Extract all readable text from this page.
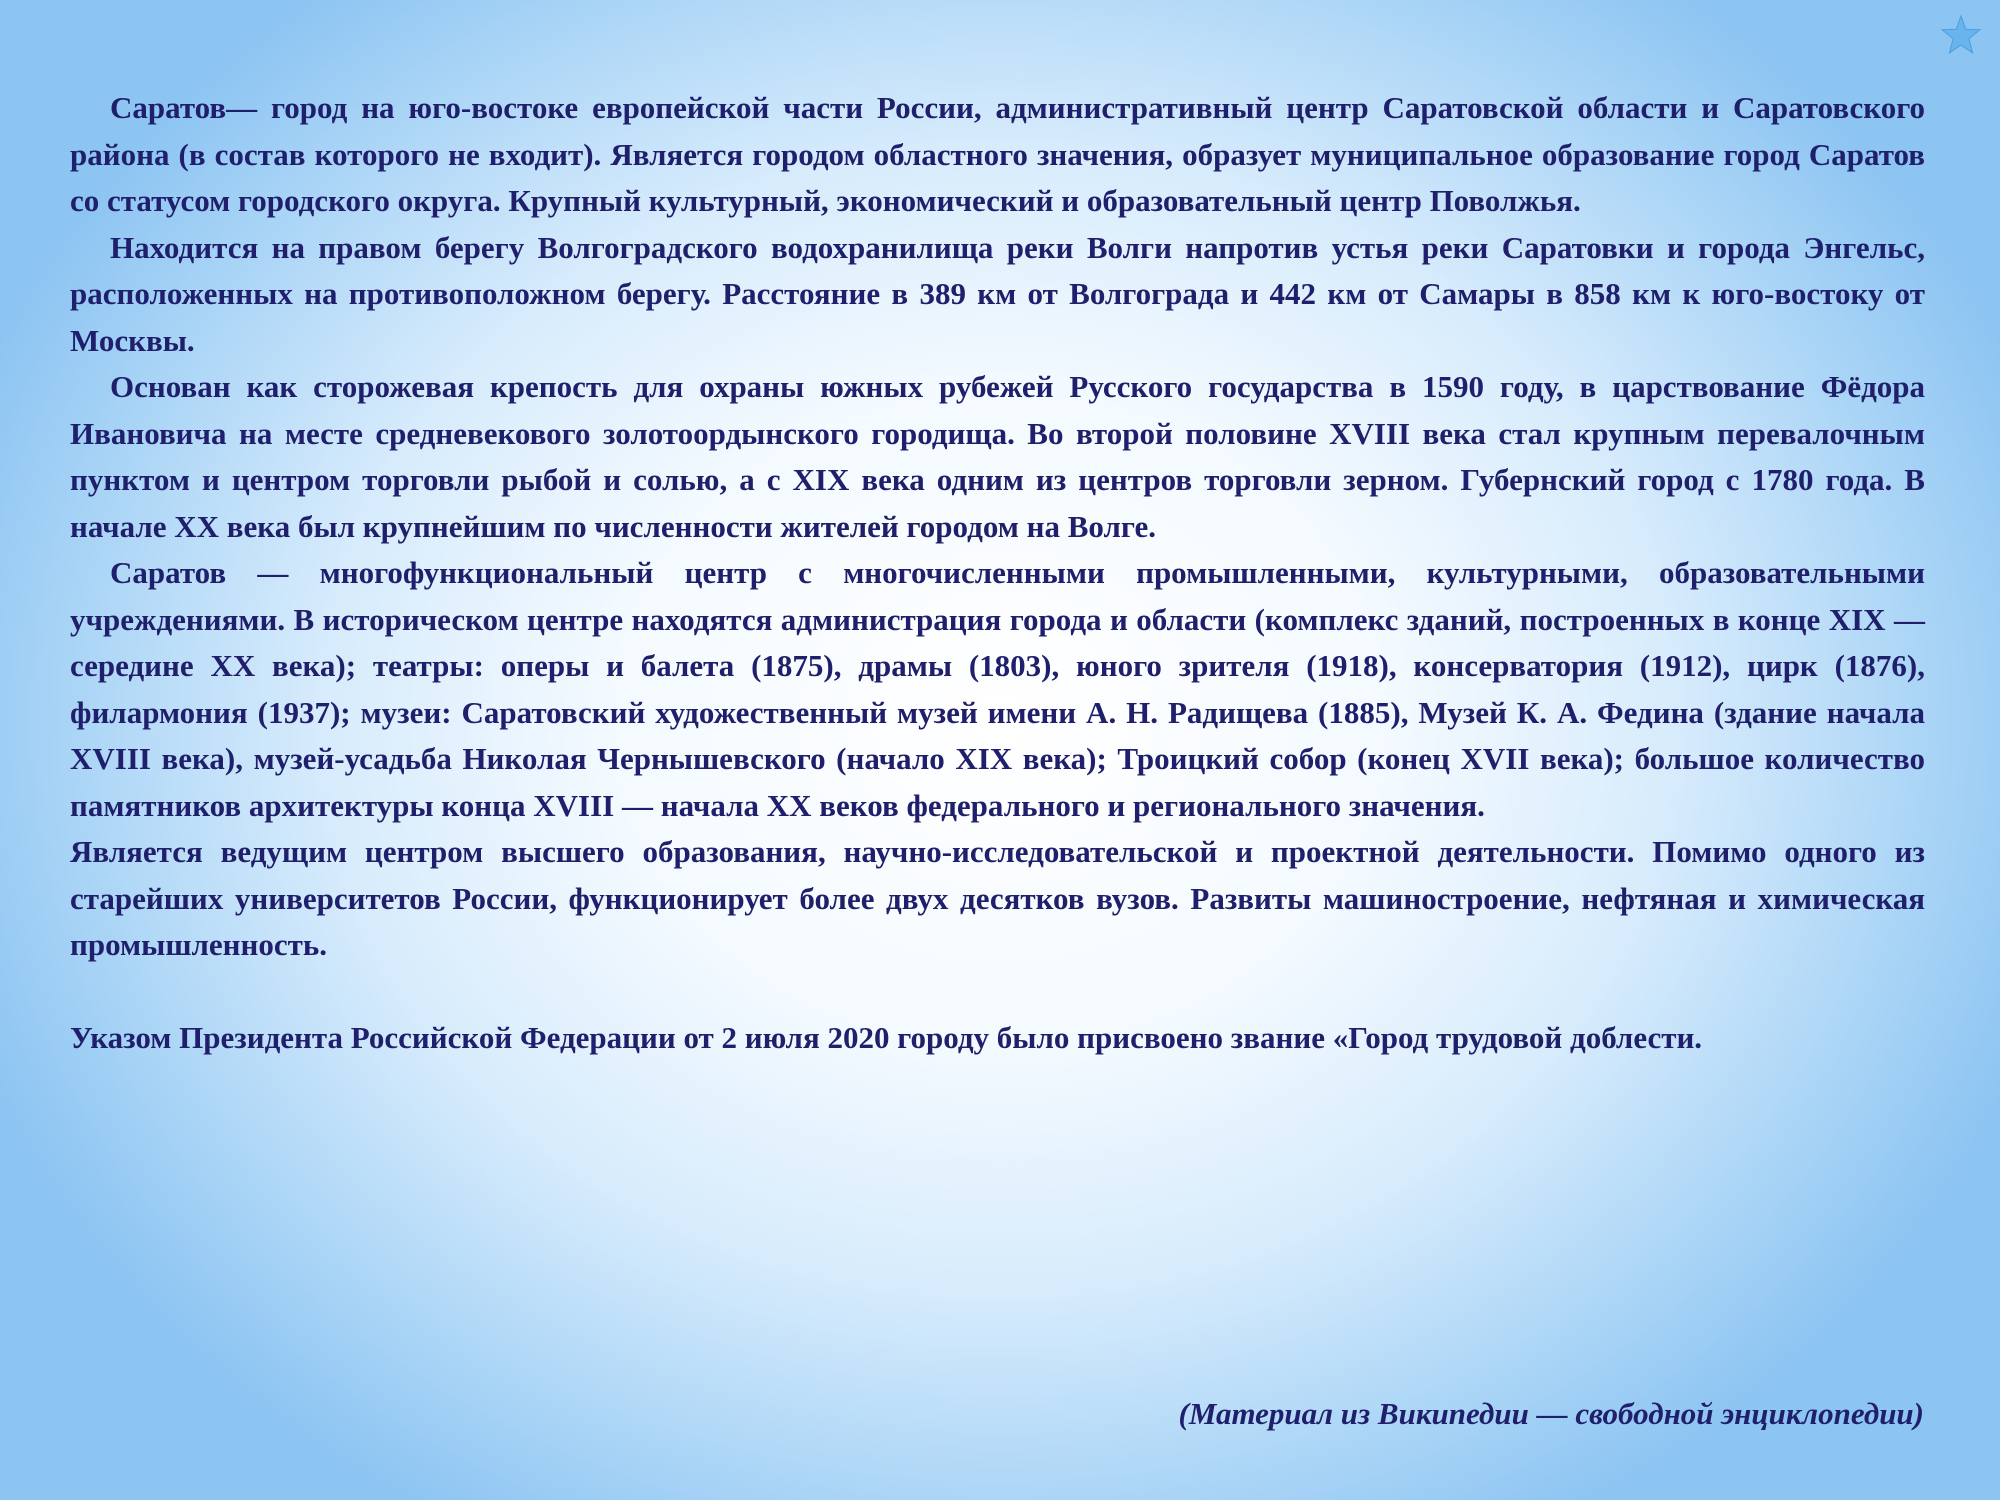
Саратов— город на юго-востоке европейской части России, административный центр Саратовской области и Саратовского района (в состав которого не входит). Является городом областного значения, образует муниципальное образование город Саратов со статусом городского округа. Крупный культурный, экономический и образовательный центр Поволжья.

Находится на правом берегу Волгоградского водохранилища реки Волги напротив устья реки Саратовки и города Энгельс, расположенных на противоположном берегу. Расстояние в 389 км от Волгограда и 442 км от Самары в 858 км к юго-востоку от Москвы.

Основан как сторожевая крепость для охраны южных рубежей Русского государства в 1590 году, в царствование Фёдора Ивановича на месте средневекового золотоордынского городища. Во второй половине XVIII века стал крупным перевалочным пунктом и центром торговли рыбой и солью, а с XIX века одним из центров торговли зерном. Губернский город с 1780 года. В начале XX века был крупнейшим по численности жителей городом на Волге.

Саратов — многофункциональный центр с многочисленными промышленными, культурными, образовательными учреждениями. В историческом центре находятся администрация города и области (комплекс зданий, построенных в конце XIX — середине XX века); театры: оперы и балета (1875), драмы (1803), юного зрителя (1918), консерватория (1912), цирк (1876), филармония (1937); музеи: Саратовский художественный музей имени А. Н. Радищева (1885), Музей К. А. Федина (здание начала XVIII века), музей-усадьба Николая Чернышевского (начало XIX века); Троицкий собор (конец XVII века); большое количество памятников архитектуры конца XVIII — начала XX веков федерального и регионального значения.

Является ведущим центром высшего образования, научно-исследовательской и проектной деятельности. Помимо одного из старейших университетов России, функционирует более двух десятков вузов. Развиты машиностроение, нефтяная и химическая промышленность.

Указом Президента Российской Федерации от 2 июля 2020 городу было присвоено звание «Город трудовой доблести.

(Материал из Википедии — свободной энциклопедии)
